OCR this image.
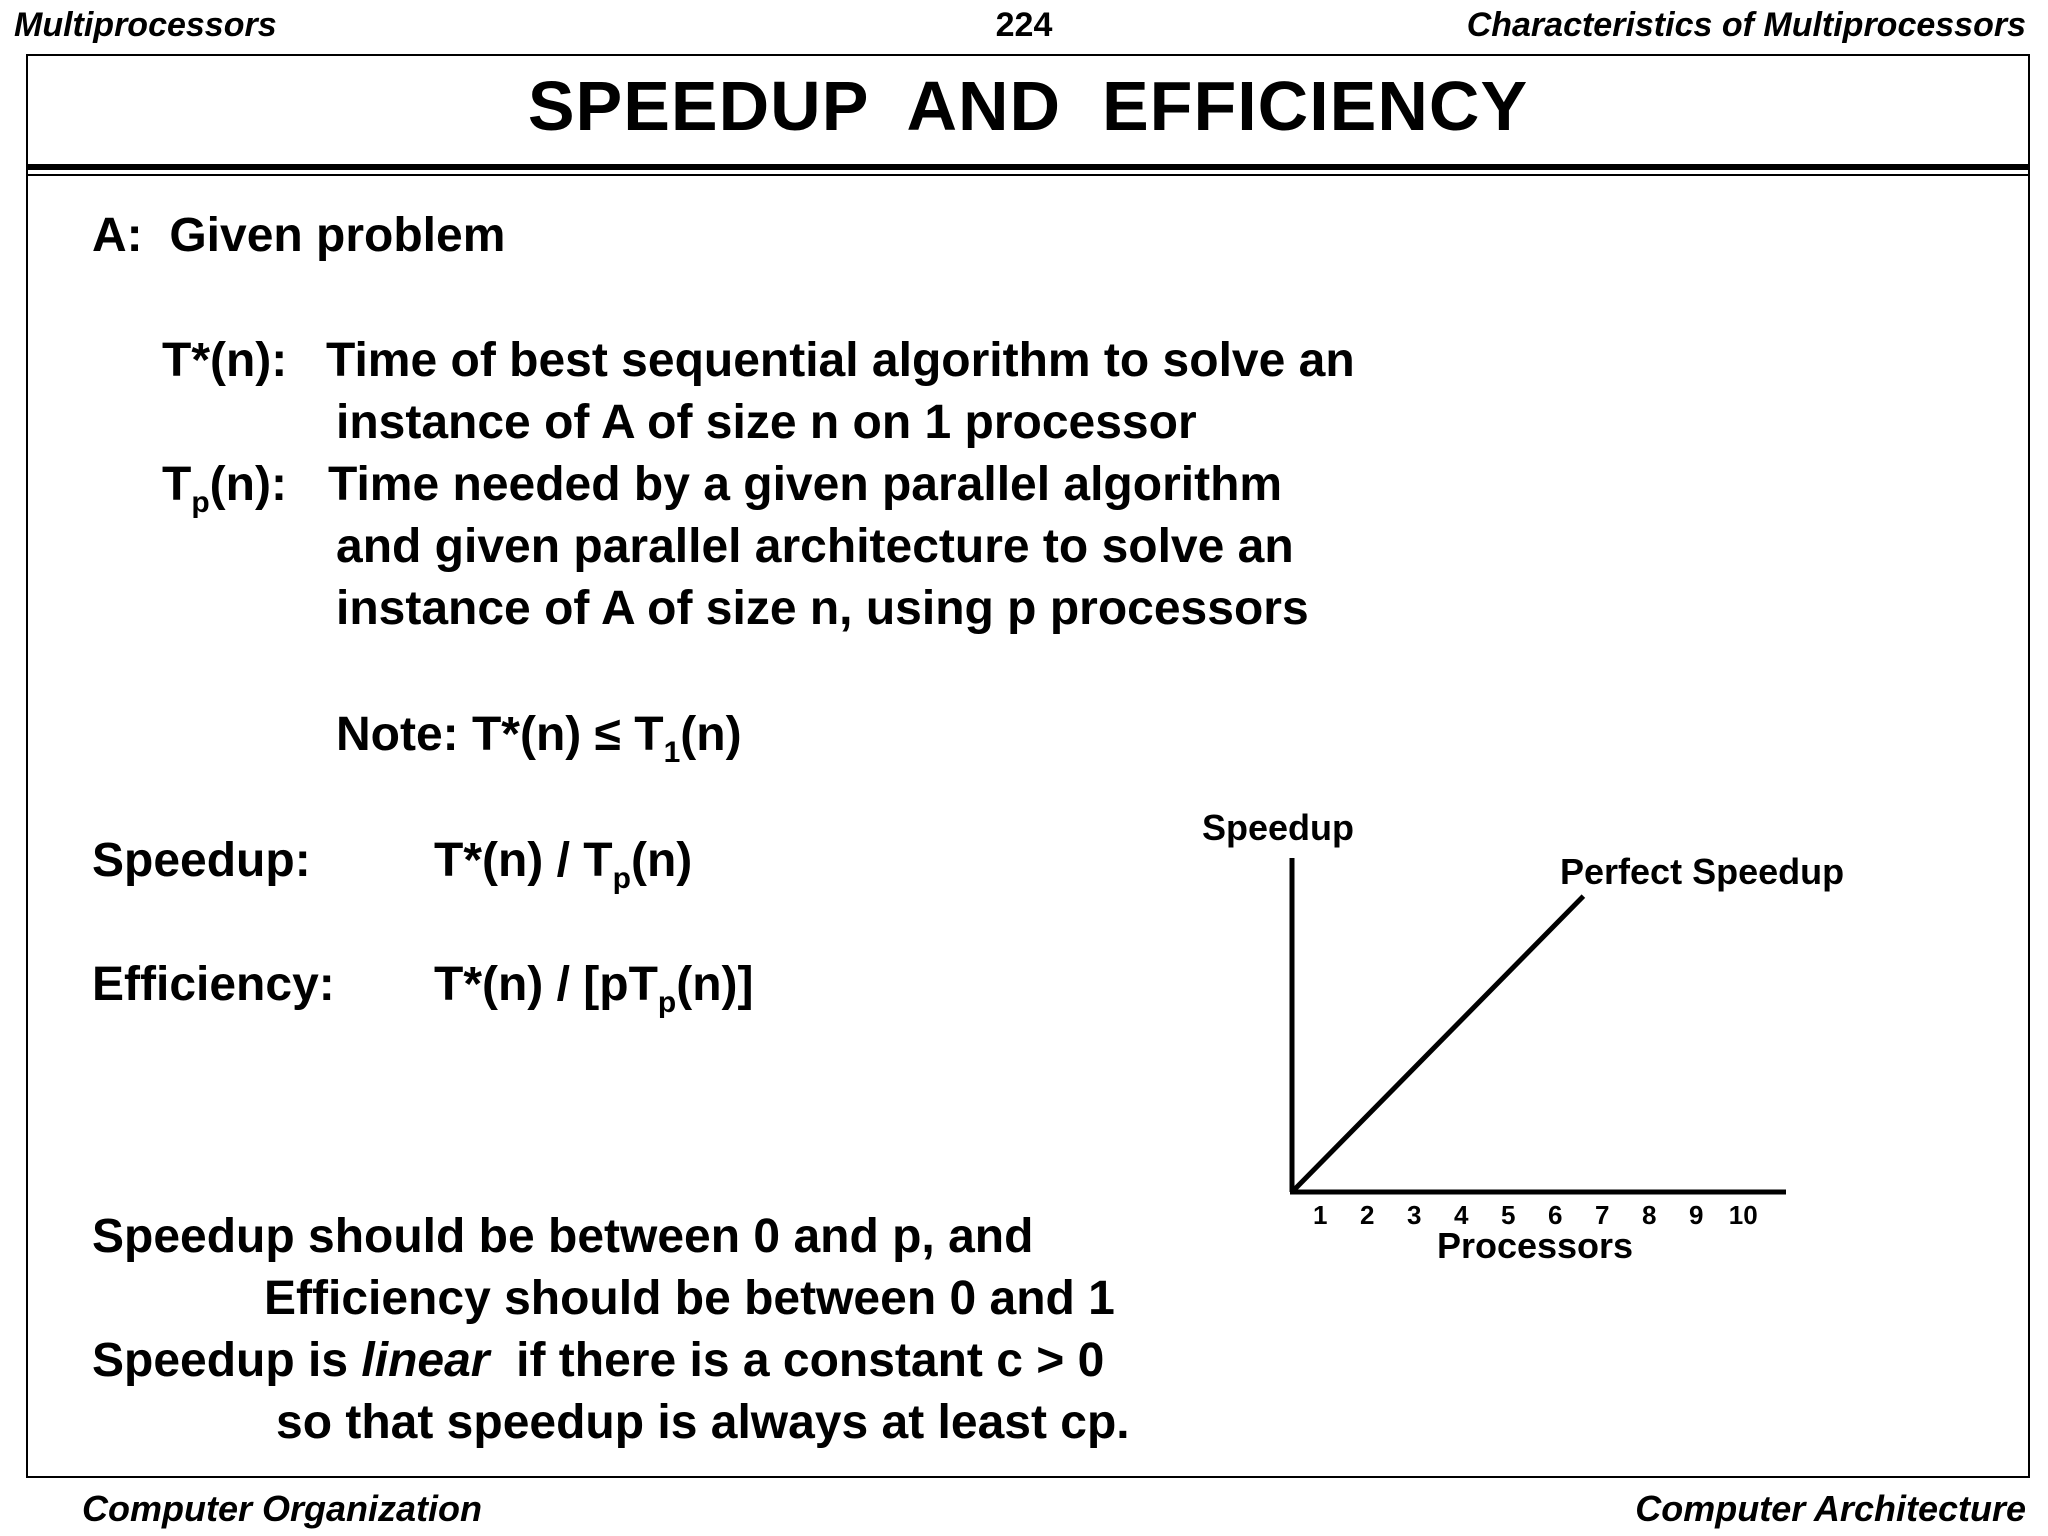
Multiprocessors	224	Characteristics of Multiprocessors
SPEEDUP  AND  EFFICIENCY
A:  Given problem
T*(n): Time of best sequential algorithm to solve an
instance of A of size n on 1 processor
$T_p(n)$: Time needed by a given parallel algorithm
and given parallel architecture to solve an
instance of A of size n, using p processors
Note: $T*(n) \le T_1(n)$
Speedup:	$T*(n) / T_p(n)$
Efficiency: $T*(n) / [pT_p(n)]$
Speedup should be between 0 and p, and
Efficiency should be between 0 and 1
Speedup is linear  if there is a constant c > 0
so that speedup is always at least cp.
1 2 3 4 5 6 7 8 9 10
Speedup
Processors
Perfect Speedup
Computer Organization	Computer Architecture
